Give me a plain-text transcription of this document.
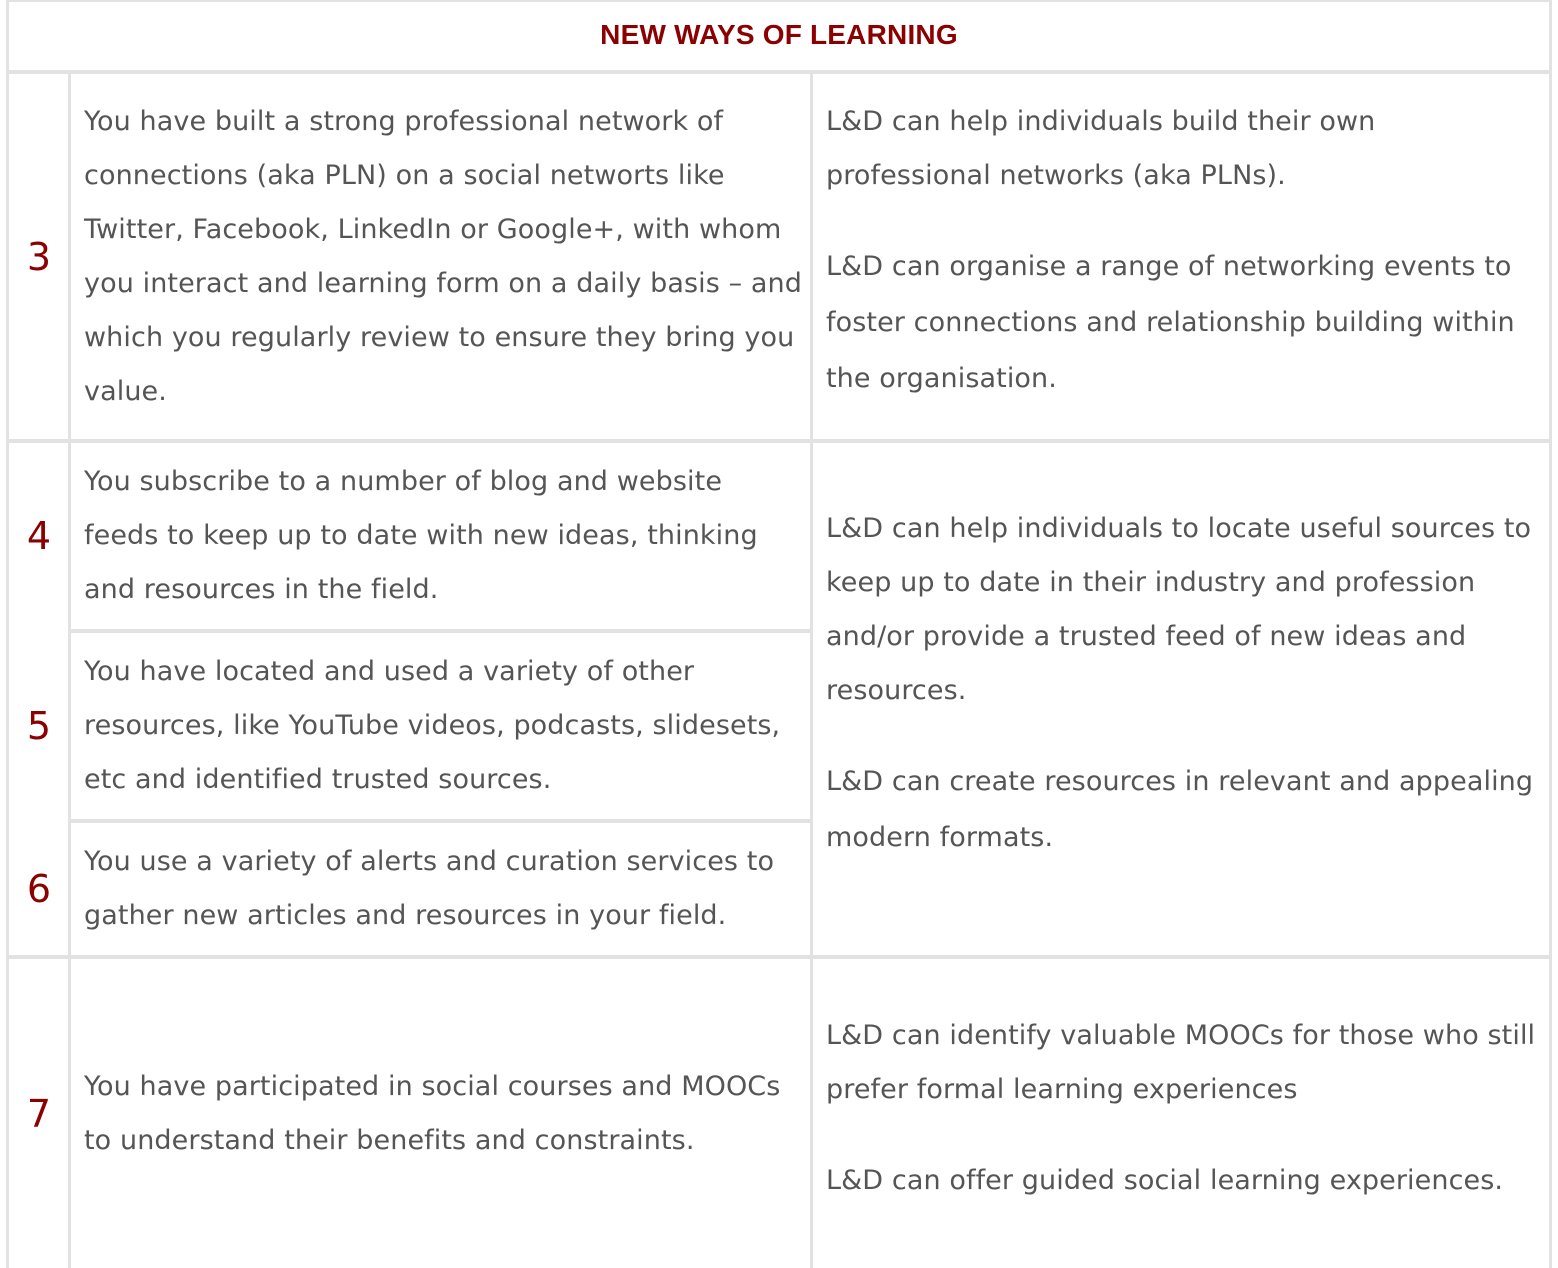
NEW WAYS OF LEARNING
3
4
5
6
7

You have built a strong professional network of connections (aka PLN) on a social networts like Twitter, Facebook, LinkedIn or Google+, with whom you interact and learning form on a daily basis – and which you regularly review to ensure they bring you value.

You subscribe to a number of blog and website feeds to keep up to date with new ideas, thinking and resources in the field.

You have located and used a variety of other resources, like YouTube videos, podcasts, slidesets, etc and identified trusted sources.

You use a variety of alerts and curation services to gather new articles and resources in your field.

You have participated in social courses and MOOCs to understand their benefits and constraints.

L&D can help individuals build their own professional networks (aka PLNs).

L&D can organise a range of networking events to foster connections and relationship building within the organisation.

L&D can help individuals to locate useful sources to keep up to date in their industry and profession and/or provide a trusted feed of new ideas and resources.

L&D can create resources in relevant and appealing modern formats.

L&D can identify valuable MOOCs for those who still prefer formal learning experiences

L&D can offer guided social learning experiences.
